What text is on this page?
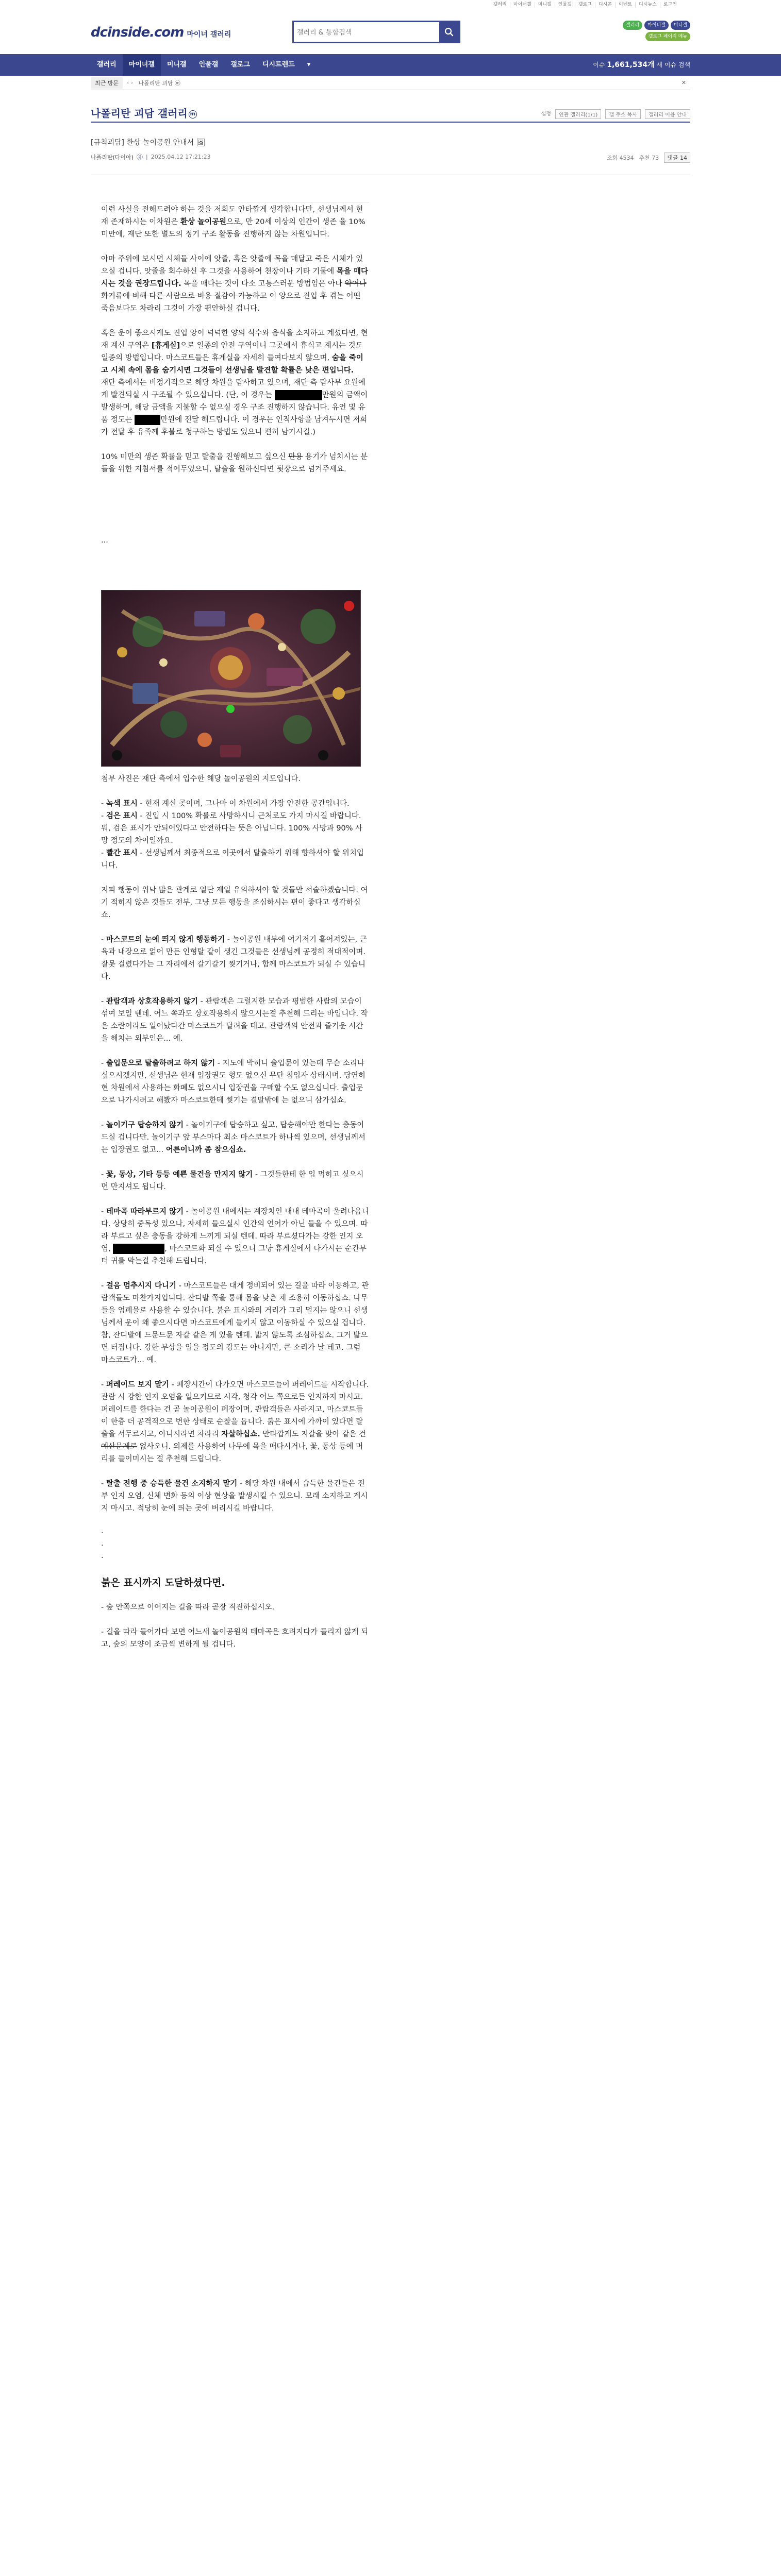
갤러리	마이너갤	미니갤	인물갤	갤로그	디시콘	이벤트	디시뉴스	로그인
dcinside.com 마이너 갤러리
갤러리 & 통합검색
갤러리	마이너갤	미니갤
갤로그 페이지 메뉴
갤러리	마이너갤	미니갤	인물갤	갤로그	디시트렌드	▾	이슈 1,661,534개 새 이슈 검색
최근 방문	‹ › 나폴리탄 괴담 ⓜ	✕
나폴리탄 괴담 갤러리 m	설정	연관 갤러리(1/1)	갤 주소 복사	갤러리 이용 안내
[규칙괴담] 환상 놀이공원 안내서 🖼
나폴리탄(다이아) ⓖ | 2025.04.12 17:21:23	조회 4534 추천 73	댓글 14

이런 사실을 전해드려야 하는 것을 저희도 안타깝게 생각합니다만, 선생님께서 현재 존재하시는 이차원은 환상 놀이공원으로, 만 20세 이상의 인간이 생존 율 10% 미만에, 재단 또한 별도의 정기 구조 활동을 진행하지 않는 차원입니다.

아마 주위에 보시면 시체들 사이에 앗줄, 혹은 앗줄에 목을 매달고 죽은 시체가 있으실 겁니다. 앗줄을 회수하신 후 그것을 사용하여 천장이나 기타 기물에 목을 매다시는 것을 권장드립니다. 목을 매다는 것이 다소 고통스러운 방법임은 아나 약어나 화기류에 비해 다른 사람으로 비용 절감이 가능하고 이 앙으로 진입 후 겪는 어떤 죽음보다도 차라리 그것이 가장 편안하실 겁니다.

혹은 운이 좋으시게도 진입 앙이 넉넉한 양의 식수와 음식을 소지하고 계셨다면, 현재 계신 구역은 [휴게실]으로 일종의 안전 구역이니 그곳에서 휴식고 계시는 것도 일종의 방법입니다. 마스코트들은 휴게실을 자세히 들여다보지 않으며, 숨을 죽이고 시체 속에 몸을 숨기시면 그것들이 선생님을 발견할 확률은 낮은 편입니다.

재단 측에서는 비정기적으로 해당 차원을 탐사하고 있으며, 재단 측 탐사부 요원에게 발견되실 시 구조될 수 있으십니다. (단, 이 경우는	만원의 금액이 발생하며, 해당 금액을 지불할 수 없으실 경우 구조 진행하지 않습니다. 유언 및 유품 정도는	만원에 전달 해드립니다. 이 경우는 인적사항을 남겨두시면 저희가 전달 후 유족께 후불로 청구하는 방법도 있으니 편히 남기시길.)

10% 미만의 생존 확률을 믿고 탈출을 진행해보고 싶으신 만용 용기가 넘치시는 분들을 위한 지침서를 적어두었으니, 탈출을 원하신다면 뒷장으로 넘겨주세요.

...

첨부 사진은 재단 측에서 입수한 해당 놀이공원의 지도입니다.

- 녹색 표시 - 현재 계신 곳이며, 그나마 이 차원에서 가장 안전한 공간입니다.

- 검은 표시 - 진입 시 100% 확률로 사망하시니 근처로도 가지 마시길 바랍니다. 뭐, 검은 표시가 안되어있다고 안전하다는 뜻은 아닙니다. 100% 사망과 90% 사망 정도의 차이일까요.

- 빨간 표시 - 선생님께서 최종적으로 이곳에서 탈출하기 위해 향하셔야 할 위치입니다.

지피 행동이 워낙 많은 관계로 일단 제일 유의하셔야 할 것들만 서술하겠습니다. 여기 적히지 않은 것들도 전부, 그냥 모든 행동을 조심하시는 편이 좋다고 생각하십쇼.

- 마스코트의 눈에 띄지 않게 행동하기 - 놀이공원 내부에 여기저기 흩어져있는, 근육과 내장으로 얽어 만든 인형탈 같이 생긴 그것들은 선생님께 공정히 적대적이며. 잘못 걸렸다가는 그 자리에서 갈기갈기 찢기거나, 함께 마스코트가 되실 수 있습니다.

- 관람객과 상호작용하지 않기 - 관람객은 그럴지한 모습과 평범한 사람의 모습이 섞여 보일 텐데. 어느 쪽과도 상호작용하지 않으시는걸 추천해 드리는 바입니다. 작은 소란이라도 일어났다간 마스코트가 달려올 테고. 관람객의 안전과 즐거운 시간을 해치는 외부인은... 예.

- 출입문으로 탈출하려고 하지 않기 - 지도에 박히니 출입문이 있는데 무슨 소리냐 싶으시겠지만, 선생님은 현재 입장권도 형도 없으신 무단 침입자 상태시며. 당연히 현 차원에서 사용하는 화폐도 없으시니 입장권을 구매할 수도 없으십니다. 출입문으로 나가시려고 해봤자 마스코트한테 찢기는 결말밖에 는 없으니 삼가십쇼.

- 놀이기구 탑승하지 않기 - 놀이기구에 탑승하고 싶고, 탑승해야만 한다는 충동이 드실 겁니다만. 놀이기구 앞 부스마다 최소 마스코트가 하나씩 있으며, 선생님께서는 입장권도 없고... 어른이니까 좀 참으십쇼.

- 꽃, 동상, 기타 등등 예쁜 물건을 만지지 않기 - 그것들한테 한 입 먹히고 싶으시면 만지셔도 됩니다.

- 테마곡 따라부르지 않기 - 놀이공원 내에서는 계장치인 내내 테마곡이 울려나옵니다. 상당히 중독성 있으나, 자세히 들으실시 인간의 언어가 아닌 들을 수 있으며. 따라 부르고 싶은 충동을 강하게 느끼게 되실 텐데. 따라 부르셨다가는 강한 인지 오염,	, 마스코트화 되실 수 있으니 그냥 휴게실에서 나가시는 순간부터 귀를 막는걸 추천해 드립니다.

- 걸음 멈추시지 다니기 - 마스코트들은 대게 정비되어 있는 길을 따라 이동하고, 관람객들도 마찬가지입니다. 잔디밭 쪽을 통해 몸을 낮춘 채 조용히 이동하십쇼. 나무들을 엄폐물로 사용할 수 있습니다. 붉은 표시와의 거리가 그리 멀지는 않으니 선생님께서 운이 왜 좋으시다면 마스코트에게 들키지 않고 이동하실 수 있으실 겁니다. 참, 잔디밭에 드문드문 자갈 같은 게 있을 텐데. 밟지 않도록 조심하십쇼. 그거 밟으면 터집니다. 강한 부상을 입을 정도의 강도는 아니지만, 큰 소리가 날 테고. 그럼 마스코트가... 예.

- 퍼레이드 보지 말기 - 폐장시간이 다가오면 마스코트들이 퍼레이드를 시작합니다. 관람 시 강한 인지 오염을 일으키므로 시각, 청각 어느 쪽으로든 인지하지 마시고. 퍼레이드를 한다는 건 곧 놀이공원이 폐장이며, 관람객들은 사라지고, 마스코트들이 한층 더 공격적으로 변한 상태로 순찰을 돕니다. 붉은 표시에 가까이 있다면 탈출을 서두르시고, 아니시라면 차라리 자살하십쇼. 만타깝게도 지갈을 맞아 같은 건 예산문제로 없사오니. 외제를 사용하여 나무에 목을 매다시거나, 꽃, 동상 등에 머리를 들이미시는 걸 추천해 드립니다.

- 탈출 전행 중 승득한 물건 소지하지 말기 - 해당 차원 내에서 습득한 물건들은 전부 인지 오염, 신체 변화 등의 이상 현상을 발생시킬 수 있으니. 모래 소지하고 계시지 마시고. 적당히 눈에 띄는 곳에 버리시길 바랍니다.

·

·

·

붉은 표시까지 도달하셨다면.

- 숲 안쪽으로 이어지는 길을 따라 곧장 직진하십시오.

- 길을 따라 들어가다 보면 어느새 놀이공원의 테마곡은 흐려지다가 들리지 않게 되고, 숲의 모양이 조금씩 변하게 될 겁니다.
